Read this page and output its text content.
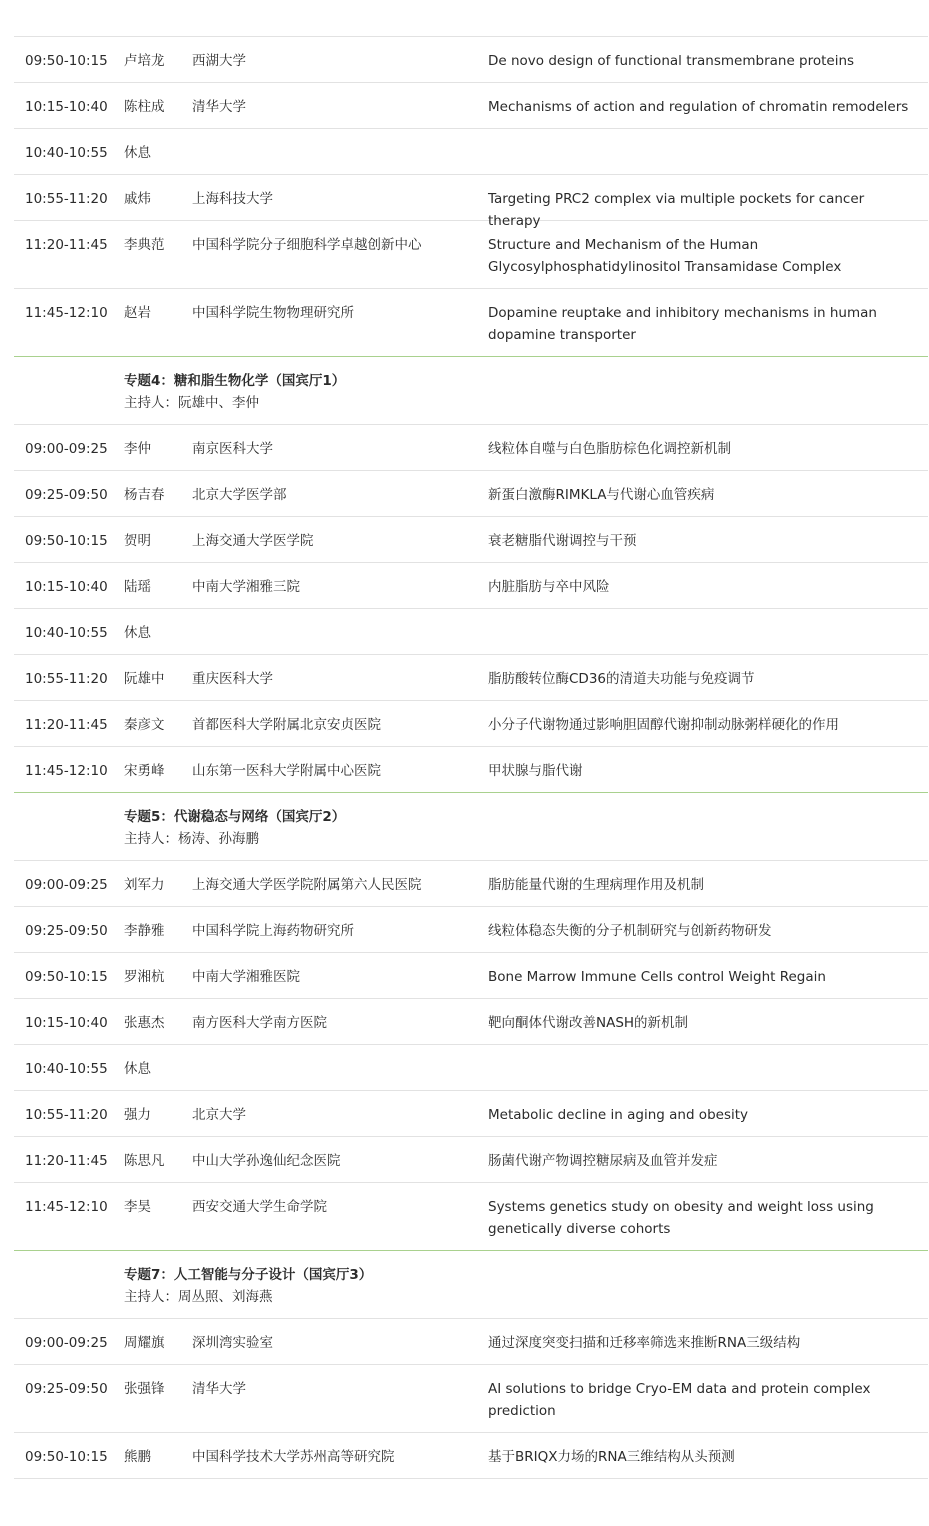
09:50-10:15 卢培龙 西湖大学	De novo design of functional transmembrane proteins
10:15-10:40 陈柱成 清华大学	Mechanisms of action and regulation of chromatin remodelers
10:40-10:55 休息
10:55-11:20 戚炜	上海科技大学	Targeting PRC2 complex via multiple pockets for cancer therapy
11:20-11:45 李典范 中国科学院分子细胞科学卓越创新中心	Structure and Mechanism of the Human Glycosylphosphatidylinositol Transamidase Complex
11:45-12:10 赵岩	中国科学院生物物理研究所	Dopamine reuptake and inhibitory mechanisms in human dopamine transporter
专题4：糖和脂生物化学（国宾厅1）
主持人：阮雄中、李仲
09:00-09:25 李仲	南京医科大学	线粒体自噬与白色脂肪棕色化调控新机制
09:25-09:50 杨吉春 北京大学医学部	新蛋白激酶RIMKLA与代谢心血管疾病
09:50-10:15 贺明	上海交通大学医学院	衰老糖脂代谢调控与干预
10:15-10:40 陆瑶	中南大学湘雅三院	内脏脂肪与卒中风险
10:40-10:55 休息
10:55-11:20 阮雄中 重庆医科大学	脂肪酸转位酶CD36的清道夫功能与免疫调节
11:20-11:45 秦彦文 首都医科大学附属北京安贞医院	小分子代谢物通过影响胆固醇代谢抑制动脉粥样硬化的作用
11:45-12:10 宋勇峰 山东第一医科大学附属中心医院	甲状腺与脂代谢
专题5：代谢稳态与网络（国宾厅2）
主持人：杨涛、孙海鹏
09:00-09:25 刘军力 上海交通大学医学院附属第六人民医院	脂肪能量代谢的生理病理作用及机制
09:25-09:50 李静雅 中国科学院上海药物研究所	线粒体稳态失衡的分子机制研究与创新药物研发
09:50-10:15 罗湘杭 中南大学湘雅医院	Bone Marrow Immune Cells control Weight Regain
10:15-10:40 张惠杰 南方医科大学南方医院	靶向酮体代谢改善NASH的新机制
10:40-10:55 休息
10:55-11:20 强力	北京大学	Metabolic decline in aging and obesity
11:20-11:45 陈思凡 中山大学孙逸仙纪念医院	肠菌代谢产物调控糖尿病及血管并发症
11:45-12:10 李昊	西安交通大学生命学院	Systems genetics study on obesity and weight loss using genetically diverse cohorts
专题7：人工智能与分子设计（国宾厅3）
主持人：周丛照、刘海燕
09:00-09:25 周耀旗 深圳湾实验室	通过深度突变扫描和迁移率筛选来推断RNA三级结构
09:25-09:50 张强锋 清华大学	AI solutions to bridge Cryo-EM data and protein complex prediction
09:50-10:15 熊鹏	中国科学技术大学苏州高等研究院	基于BRIQX力场的RNA三维结构从头预测
